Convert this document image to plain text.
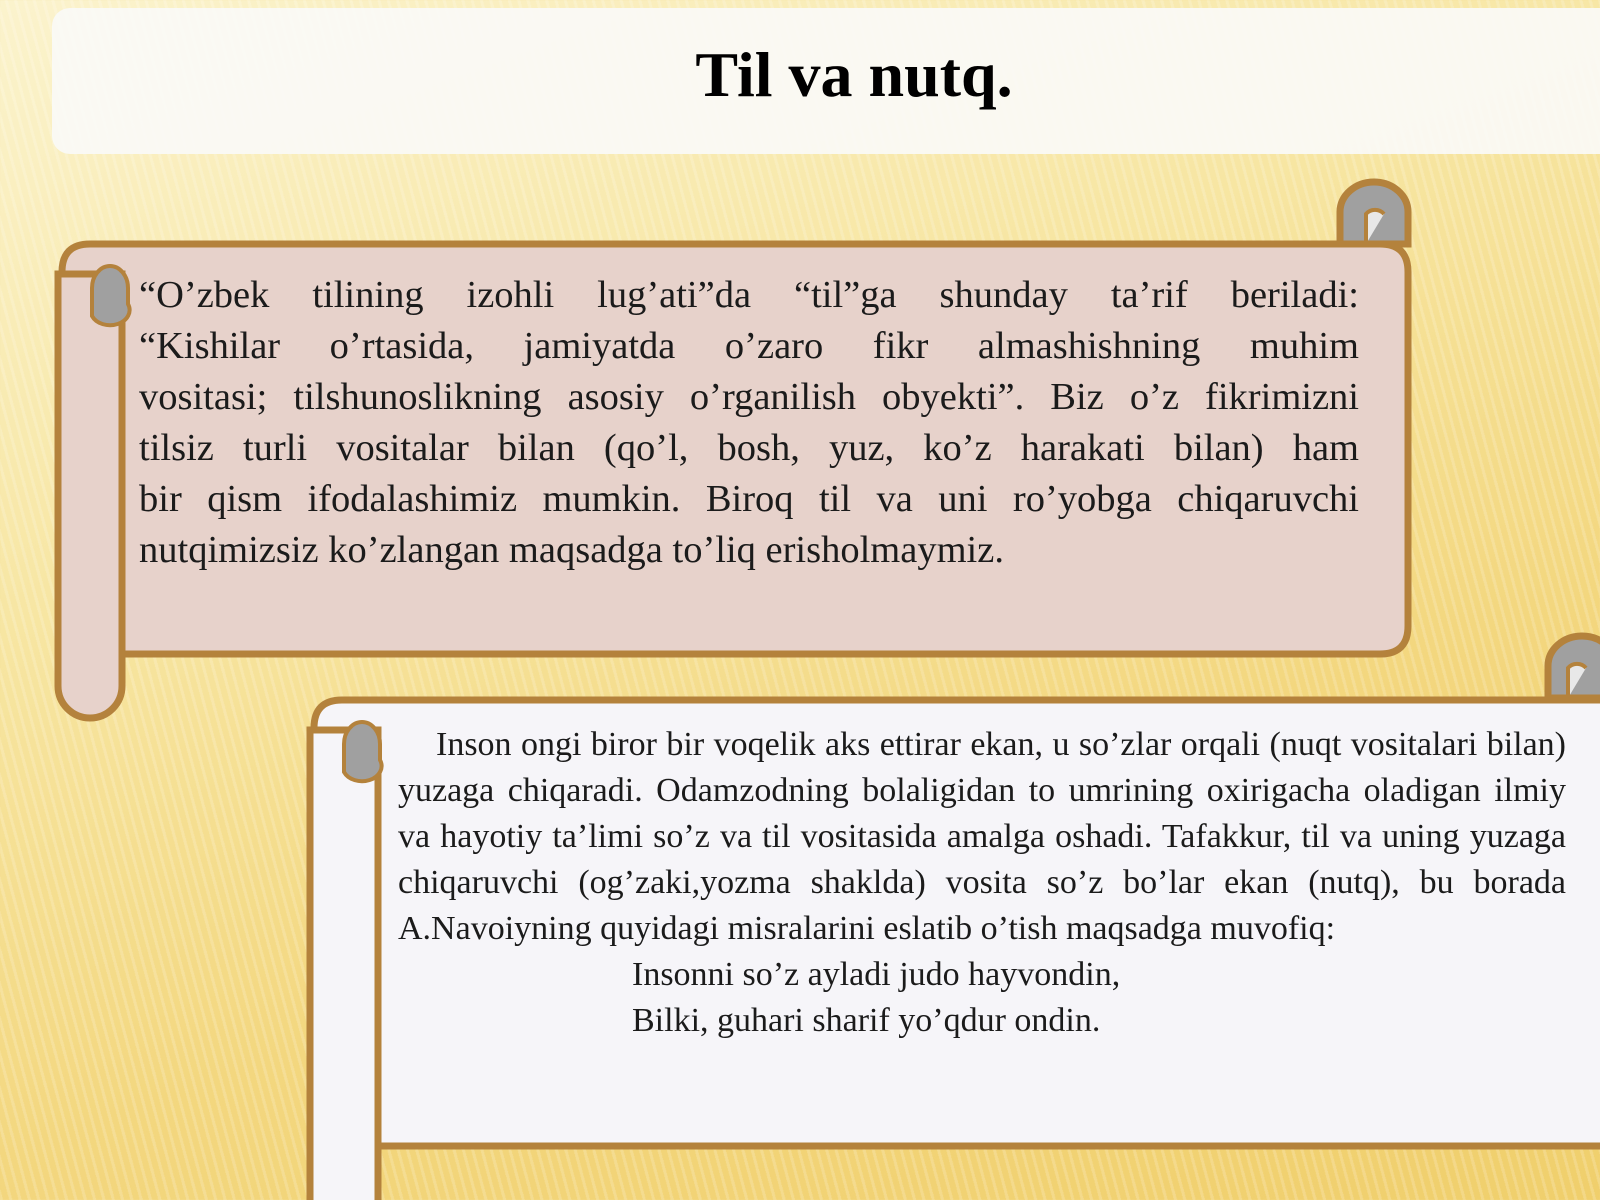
Til va nutq.
“O’zbek tilining izohli lug’ati”da “til”ga shunday ta’rif beriladi:
“Kishilar o’rtasida, jamiyatda o’zaro fikr almashishning muhim
vositasi; tilshunoslikning asosiy o’rganilish obyekti”. Biz o’z fikrimizni
tilsiz turli vositalar bilan (qo’l, bosh, yuz, ko’z harakati bilan) ham
bir qism ifodalashimiz mumkin. Biroq til va uni ro’yobga chiqaruvchi
nutqimizsiz ko’zlangan maqsadga to’liq erisholmaymiz.
Inson ongi biror bir voqelik aks ettirar ekan, u so’zlar orqali (nuqt vositalari bilan) yuzaga chiqaradi. Odamzodning bolaligidan to umrining oxirigacha oladigan ilmiy va hayotiy ta’limi so’z va til vositasida amalga oshadi. Tafakkur, til va uning yuzaga chiqaruvchi (og’zaki,yozma shaklda) vosita so’z bo’lar ekan (nutq), bu borada A.Navoiyning quyidagi misralarini eslatib o’tish maqsadga muvofiq:
Insonni so’z ayladi judo hayvondin,
Bilki, guhari sharif yo’qdur ondin.
